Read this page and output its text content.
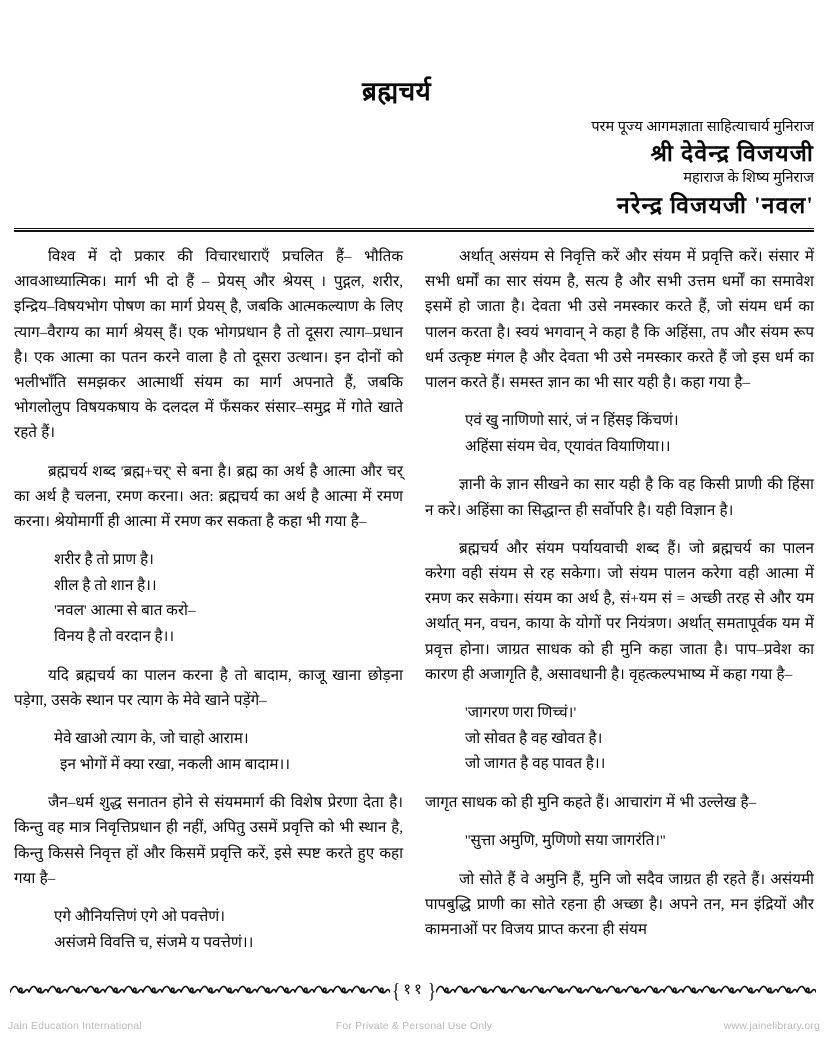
ब्रह्मचर्य
परम पूज्य आगमज्ञाता साहित्याचार्य मुनिराज
श्री देवेन्द्र विजयजी
महाराज के शिष्य मुनिराज
नरेन्द्र विजयजी 'नवल'

विश्व में दो प्रकार की विचारधाराएँ प्रचलित हैं– भौतिक आवआध्यात्मिक। मार्ग भी दो हैं – प्रेयस् और श्रेयस् । पुद्गल, शरीर, इन्द्रिय–विषयभोग पोषण का मार्ग प्रेयस् है, जबकि आत्मकल्याण के लिए त्याग–वैराग्य का मार्ग श्रेयस् हैं। एक भोगप्रधान है तो दूसरा त्याग–प्रधान है। एक आत्मा का पतन करने वाला है तो दूसरा उत्थान। इन दोनों को भलीभाँति समझकर आत्मार्थी संयम का मार्ग अपनाते हैं, जबकि भोगलोलुप विषयकषाय के दलदल में फँसकर संसार–समुद्र में गोते खाते रहते हैं।

ब्रह्मचर्य शब्द 'ब्रह्म+चर्' से बना है। ब्रह्म का अर्थ है आत्मा और चर् का अर्थ है चलना, रमण करना। अत: ब्रह्मचर्य का अर्थ है आत्मा में रमण करना। श्रेयोमार्गी ही आत्मा में रमण कर सकता है कहा भी गया है–

शरीर है तो प्राण है।
शील है तो शान है।।
'नवल' आत्मा से बात करो–
विनय है तो वरदान है।।

यदि ब्रह्मचर्य का पालन करना है तो बादाम, काजू खाना छोड़ना पड़ेगा, उसके स्थान पर त्याग के मेवे खाने पड़ेंगे–

मेवे खाओ त्याग के, जो चाहो आराम।
इन भोगों में क्या रखा, नकली आम बादाम।।

जैन–धर्म शुद्ध सनातन होने से संयममार्ग की विशेष प्रेरणा देता है। किन्तु वह मात्र निवृत्तिप्रधान ही नहीं, अपितु उसमें प्रवृत्ति को भी स्थान है, किन्तु किससे निवृत्त हों और किसमें प्रवृत्ति करें, इसे स्पष्ट करते हुए कहा गया है–

एगे औनियत्तिणं एगे ओ पवत्तेणं।
असंजमे विवत्ति च, संजमे य पवत्तेणं।।

अर्थात् असंयम से निवृत्ति करें और संयम में प्रवृत्ति करें। संसार में सभी धर्मों का सार संयम है, सत्य है और सभी उत्तम धर्मों का समावेश इसमें हो जाता है। देवता भी उसे नमस्कार करते हैं, जो संयम धर्म का पालन करता है। स्वयं भगवान् ने कहा है कि अहिंसा, तप और संयम रूप धर्म उत्कृष्ट मंगल है और देवता भी उसे नमस्कार करते हैं जो इस धर्म का पालन करते हैं। समस्त ज्ञान का भी सार यही है। कहा गया है–

एवं खु नाणिणो सारं, जं न हिंसइ किंचणं।
अहिंसा संयम चेव, ए्यावंत वियाणिया।।

ज्ञानी के ज्ञान सीखने का सार यही है कि वह किसी प्राणी की हिंसा न करे। अहिंसा का सिद्धान्त ही सर्वोपरि है। यही विज्ञान है।

ब्रह्मचर्य और संयम पर्यायवाची शब्द हैं। जो ब्रह्मचर्य का पालन करेगा वही संयम से रह सकेगा। जो संयम पालन करेगा वही आत्मा में रमण कर सकेगा। संयम का अर्थ है, सं+यम सं = अच्छी तरह से और यम अर्थात् मन, वचन, काया के योगों पर नियंत्रण। अर्थात् समतापूर्वक यम में प्रवृत्त होना। जाग्रत साधक को ही मुनि कहा जाता है। पाप–प्रवेश का कारण ही अजागृति है, असावधानी है। वृहत्कल्पभाष्य में कहा गया है–

'जागरण णरा णिच्चं।'
जो सोवत है वह खोवत है।
जो जागत है वह पावत है।।

जागृत साधक को ही मुनि कहते हैं। आचारांग में भी उल्लेख है–

''सुत्ता अमुणि, मुणिणो सया जागरंति।''

जो सोते हैं वे अमुनि हैं, मुनि जो सदैव जाग्रत ही रहते हैं। असंयमी पापबुद्धि प्राणी का सोते रहना ही अच्छा है। अपने तन, मन इंद्रियों और कामनाओं पर विजय प्राप्त करना ही संयम

{ ११ }
Jain Education International	For Private & Personal Use Only	www.jainelibrary.org
